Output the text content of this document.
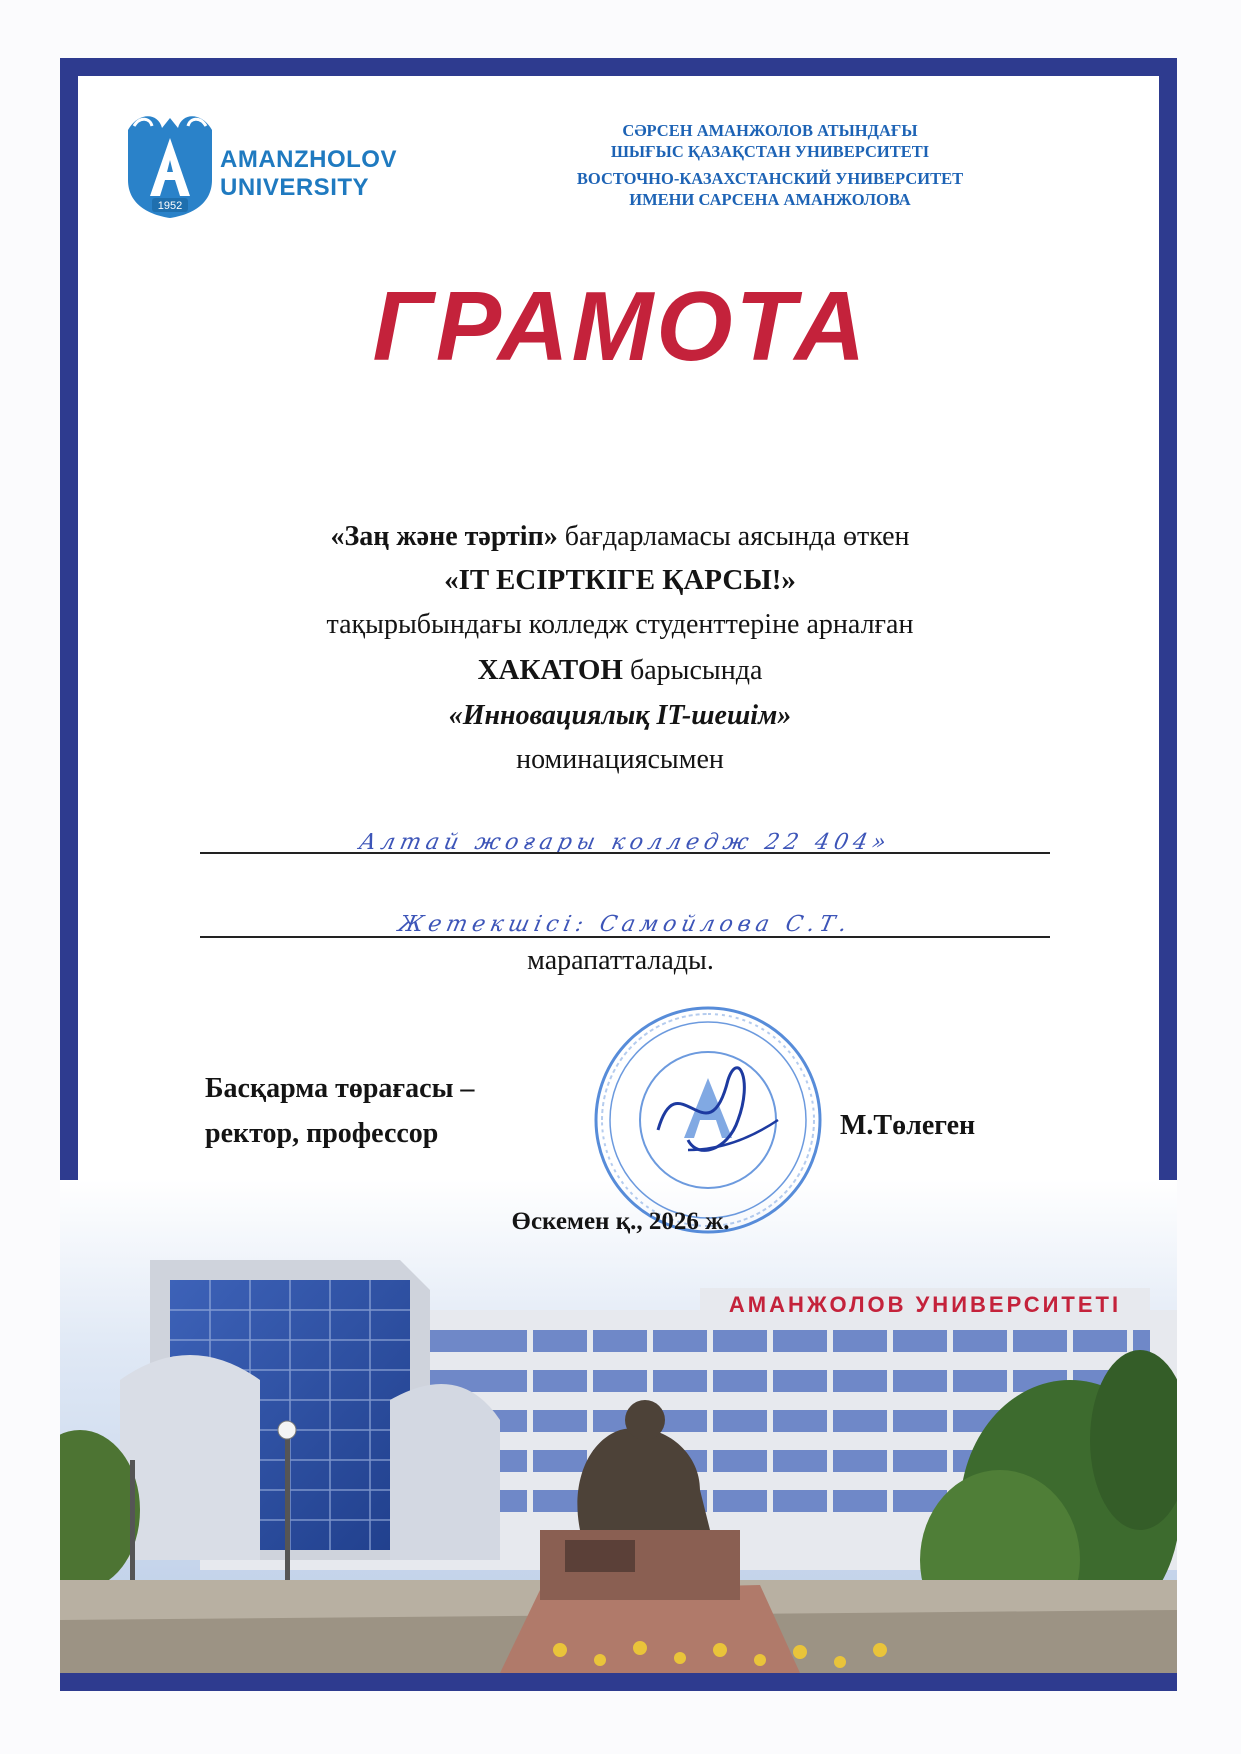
1952
AMANZHOLOV
UNIVERSITY
СӘРСЕН АМАНЖОЛОВ АТЫНДАҒЫ
ШЫҒЫС ҚАЗАҚСТАН УНИВЕРСИТЕТІ
ВОСТОЧНО-КАЗАХСТАНСКИЙ УНИВЕРСИТЕТ
ИМЕНИ САРСЕНА АМАНЖОЛОВА
ГРАМОТА
«Заң және тәртіп» бағдарламасы аясында өткен
«IT ЕСІРТКІГЕ ҚАРСЫ!»
тақырыбындағы колледж студенттеріне арналған
ХАКАТОН барысында
«Инновациялық IT-шешім»
номинациясымен
Алтай жоғары колледж 22 404»
Жетекшісі: Самойлова С.Т.
марапатталады.
АМАНЖОЛОВ УНИВЕРСИТЕТІ
Басқарма төрағасы –
ректор, профессор	М.Төлеген
Өскемен қ., 2026 ж.
